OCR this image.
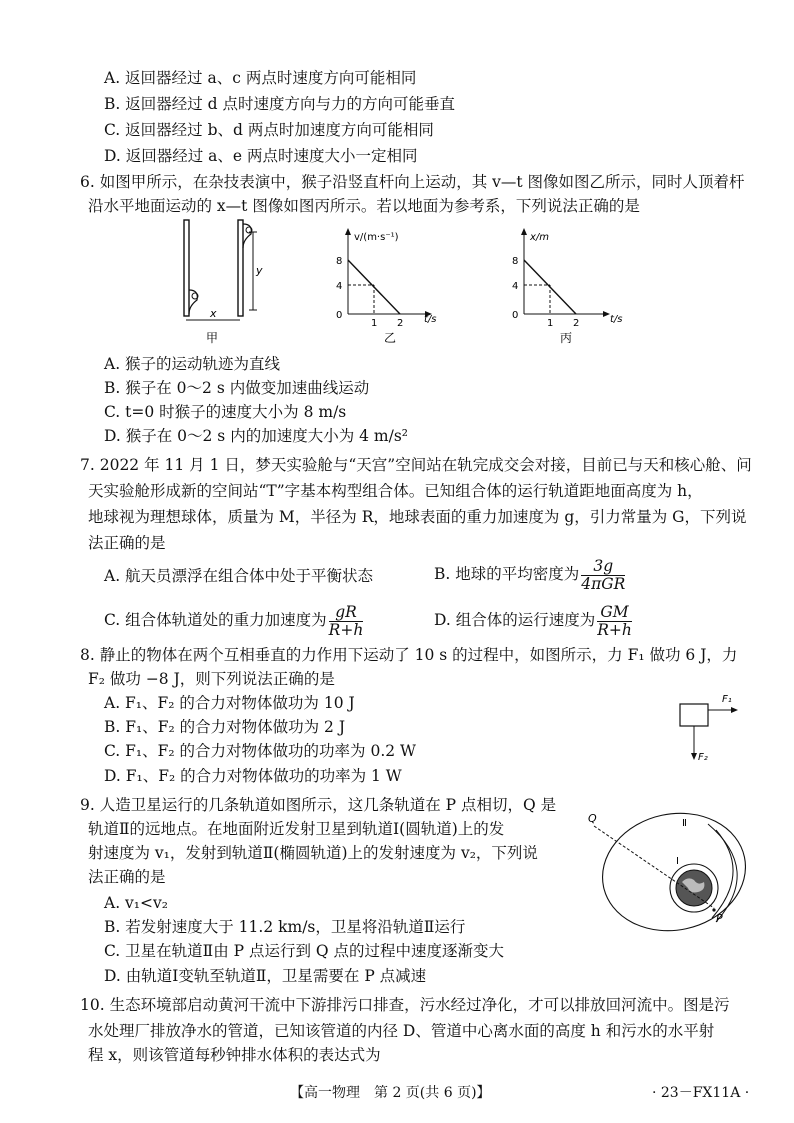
A. 返回器经过 a、c 两点时速度方向可能相同
B. 返回器经过 d 点时速度方向与力的方向可能垂直
C. 返回器经过 b、d 两点时加速度方向可能相同
D. 返回器经过 a、e 两点时速度大小一定相同
6. 如图甲所示，在杂技表演中，猴子沿竖直杆向上运动，其 v—t 图像如图乙所示，同时人顶着杆
沿水平地面运动的 x—t 图像如图丙所示。若以地面为参考系，下列说法正确的是
y
x
甲
v/(m·s⁻¹)
t/s
8
4
0
1 2
乙
x/m
t/s
8
4
0
1 2
丙
A. 猴子的运动轨迹为直线
B. 猴子在 0～2 s 内做变加速曲线运动
C. t=0 时猴子的速度大小为 8 m/s
D. 猴子在 0～2 s 内的加速度大小为 4 m/s²
7. 2022 年 11 月 1 日，梦天实验舱与“天宫”空间站在轨完成交会对接，目前已与天和核心舱、问
天实验舱形成新的空间站“T”字基本构型组合体。已知组合体的运行轨道距地面高度为 h，
地球视为理想球体，质量为 M，半径为 R，地球表面的重力加速度为 g，引力常量为 G，下列说
法正确的是
A. 航天员漂浮在组合体中处于平衡状态	B. 地球的平均密度为 $\frac{3g}{\text{4πGR}}$
C. 组合体轨道处的重力加速度为 $\frac{gR}{R+h}$	D. 组合体的运行速度为 $\frac{GM}{R+h}$
8. 静止的物体在两个互相垂直的力作用下运动了 10 s 的过程中，如图所示，力 F₁ 做功 6 J，力
F₂ 做功 −8 J，则下列说法正确的是
A. F₁、F₂ 的合力对物体做功为 10 J
B. F₁、F₂ 的合力对物体做功为 2 J
C. F₁、F₂ 的合力对物体做功的功率为 0.2 W
D. F₁、F₂ 的合力对物体做功的功率为 1 W
F₁
F₂
9. 人造卫星运行的几条轨道如图所示，这几条轨道在 P 点相切，Q 是
轨道Ⅱ的远地点。在地面附近发射卫星到轨道Ⅰ(圆轨道)上的发
射速度为 v₁，发射到轨道Ⅱ(椭圆轨道)上的发射速度为 v₂，下列说
法正确的是
A. v₁<v₂
B. 若发射速度大于 11.2 km/s，卫星将沿轨道Ⅱ运行
C. 卫星在轨道Ⅱ由 P 点运行到 Q 点的过程中速度逐渐变大
D. 由轨道Ⅰ变轨至轨道Ⅱ，卫星需要在 P 点减速
Q
P
Ⅰ
Ⅱ
10. 生态环境部启动黄河干流中下游排污口排查，污水经过净化，才可以排放回河流中。图是污
水处理厂排放净水的管道，已知该管道的内径 D、管道中心离水面的高度 h 和污水的水平射
程 x，则该管道每秒钟排水体积的表达式为
【高一物理　第 2 页(共 6 页)】	· 23－FX11A ·
